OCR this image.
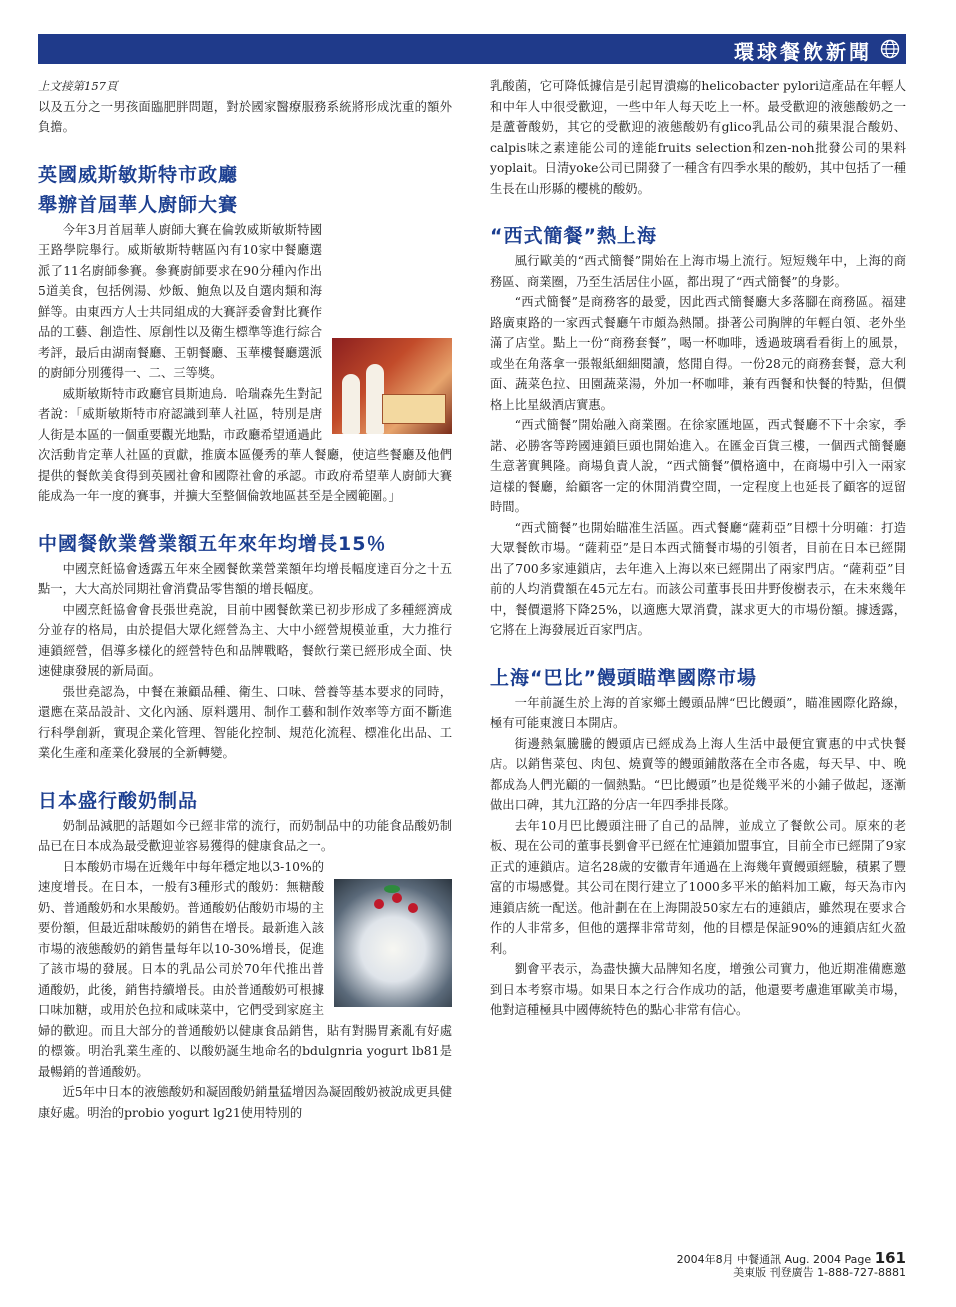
環球餐飲新聞

上文接第157頁

以及五分之一男孩面臨肥胖問題，對於國家醫療服務系統將形成沈重的額外負擔。

英國威斯敏斯特市政廳
舉辦首屆華人廚師大賽

今年3月首屆華人廚師大賽在倫敦威斯敏斯特國王路學院舉行。威斯敏斯特轄區內有10家中餐廳選派了11名廚師參賽。參賽廚師要求在90分種內作出5道美食，包括例湯、炒飯、鮑魚以及自選肉類和海鮮等。由東西方人士共同組成的大賽評委會對比賽作品的工藝、創造性、原創性以及衛生標準等進行綜合考評，最后由湖南餐廳、王朝餐廳、玉華樓餐廳選派的廚師分別獲得一、二、三等獎。

威斯敏斯特市政廳官員斯迪烏．哈瑞森先生對記者說：「威斯敏斯特市府認識到華人社區，特別是唐人街是本區的一個重要觀光地點，市政廳希望通過此次活動肯定華人社區的貢獻，推廣本區優秀的華人餐廳，使這些餐廳及他們提供的餐飲美食得到英國社會和國際社會的承認。市政府希望華人廚師大賽能成為一年一度的賽事，并擴大至整個倫敦地區甚至是全國範圍。」

中國餐飲業營業額五年來年均增長15％

中國烹飪協會透露五年來全國餐飲業營業額年均增長幅度達百分之十五點一，大大高於同期社會消費品零售額的增長幅度。

中國烹飪協會會長張世堯說，目前中國餐飲業已初步形成了多種經濟成分並存的格局，由於提倡大眾化經營為主、大中小經營規模並重，大力推行連鎖經營，倡導多樣化的經營特色和品牌戰略，餐飲行業已經形成全面、快速健康發展的新局面。

張世堯認為，中餐在兼顧品種、衛生、口味、營養等基本要求的同時，還應在菜品設計、文化內涵、原料選用、制作工藝和制作效率等方面不斷進行科學創新，實現企業化管理、智能化控制、規范化流程、標准化出品、工業化生產和產業化發展的全新轉變。

日本盛行酸奶制品

奶制品減肥的話題如今已經非常的流行，而奶制品中的功能食品酸奶制品已在日本成為最受歡迎並容易獲得的健康食品之一。

日本酸奶市場在近幾年中每年穩定地以3-10%的速度增長。在日本，一般有3種形式的酸奶：無糖酸奶、普通酸奶和水果酸奶。普通酸奶佔酸奶市場的主要份額，但最近甜味酸奶的銷售在增長。最新進入該市場的液態酸奶的銷售量每年以10-30%增長，促進了該市場的發展。日本的乳品公司於70年代推出普通酸奶，此後，銷售持續增長。由於普通酸奶可根據口味加糖，或用於色拉和咸味菜中，它們受到家庭主婦的歡迎。而且大部分的普通酸奶以健康食品銷售，貼有對腸胃紊亂有好處的標簽。明治乳業生產的、以酸奶誕生地命名的bdulgnria yogurt lb81是最暢銷的普通酸奶。

近5年中日本的液態酸奶和凝固酸奶銷量猛增因為凝固酸奶被說成更具健康好處。明治的probio yogurt lg21使用特別的

乳酸菌，它可降低據信是引起胃潰瘍的helicobacter pylori這產品在年輕人和中年人中很受歡迎，一些中年人每天吃上一杯。最受歡迎的液態酸奶之一是蘆薈酸奶，其它的受歡迎的液態酸奶有glico乳品公司的蘋果混合酸奶、calpis味之素達能公司的達能fruits selection和zen-noh批發公司的果料yoplait。日清yoke公司已開發了一種含有四季水果的酸奶，其中包括了一種生長在山形縣的櫻桃的酸奶。

“西式簡餐”熱上海

風行歐美的“西式簡餐”開始在上海市場上流行。短短幾年中，上海的商務區、商業圈，乃至生活居住小區，都出現了“西式簡餐”的身影。

“西式簡餐”是商務客的最愛，因此西式簡餐廳大多落腳在商務區。福建路廣東路的一家西式餐廳午市頗為熱鬧。掛著公司胸牌的年輕白領、老外坐滿了店堂。點上一份“商務套餐”，喝一杯咖啡，透過玻璃看看街上的風景，或坐在角落拿一張報紙細細閱讀，悠閒自得。一份28元的商務套餐，意大利面、蔬菜色拉、田園蔬菜湯，外加一杯咖啡，兼有西餐和快餐的特點，但價格上比星級酒店實惠。

“西式簡餐”開始融入商業圈。在徐家匯地區，西式餐廳不下十余家，季諾、必勝客等跨國連鎖巨頭也開始進入。在匯金百貨三樓，一個西式簡餐廳生意著實興隆。商場負責人說，“西式簡餐”價格適中，在商場中引入一兩家這樣的餐廳，給顧客一定的休閒消費空間，一定程度上也延長了顧客的逗留時間。

“西式簡餐”也開始瞄准生活區。西式餐廳“薩莉亞”目標十分明確：打造大眾餐飲市場。“薩莉亞”是日本西式簡餐市場的引領者，目前在日本已經開出了700多家連鎖店，去年進入上海以來已經開出了兩家門店。“薩莉亞”目前的人均消費額在45元左右。而該公司董事長田井野俊樹表示，在未來幾年中，餐價還將下降25%，以適應大眾消費，謀求更大的市場份額。據透露，它將在上海發展近百家門店。

上海“巴比”饅頭瞄準國際市場

一年前誕生於上海的首家鄉土饅頭品牌“巴比饅頭”，瞄准國際化路線，極有可能東渡日本開店。

街邊熱氣騰騰的饅頭店已經成為上海人生活中最便宜實惠的中式快餐店。以銷售菜包、肉包、燒賣等的饅頭鋪散落在全市各處，每天早、中、晚都成為人們光顧的一個熱點。“巴比饅頭”也是從幾平米的小鋪子做起，逐漸做出口碑，其九江路的分店一年四季排長隊。

去年10月巴比饅頭注冊了自己的品牌，並成立了餐飲公司。原來的老板、現在公司的董事長劉會平已經在忙連鎖加盟事宜，目前全市已經開了9家正式的連鎖店。這名28歲的安徽青年通過在上海幾年賣饅頭經驗，積累了豐富的市場感覺。其公司在閔行建立了1000多平米的餡料加工廠，每天為市內連鎖店統一配送。他計劃在在上海開設50家左右的連鎖店，雖然現在要求合作的人非常多，但他的選擇非常苛刻，他的目標是保証90%的連鎖店紅火盈利。

劉會平表示，為盡快擴大品牌知名度，增強公司實力，他近期准備應邀到日本考察市場。如果日本之行合作成功的話，他還要考慮進軍歐美市場，他對這種極具中國傳統特色的點心非常有信心。

2004年8月 中餐通訊 Aug. 2004 Page 161
美東版 刊登廣告 1-888-727-8881
